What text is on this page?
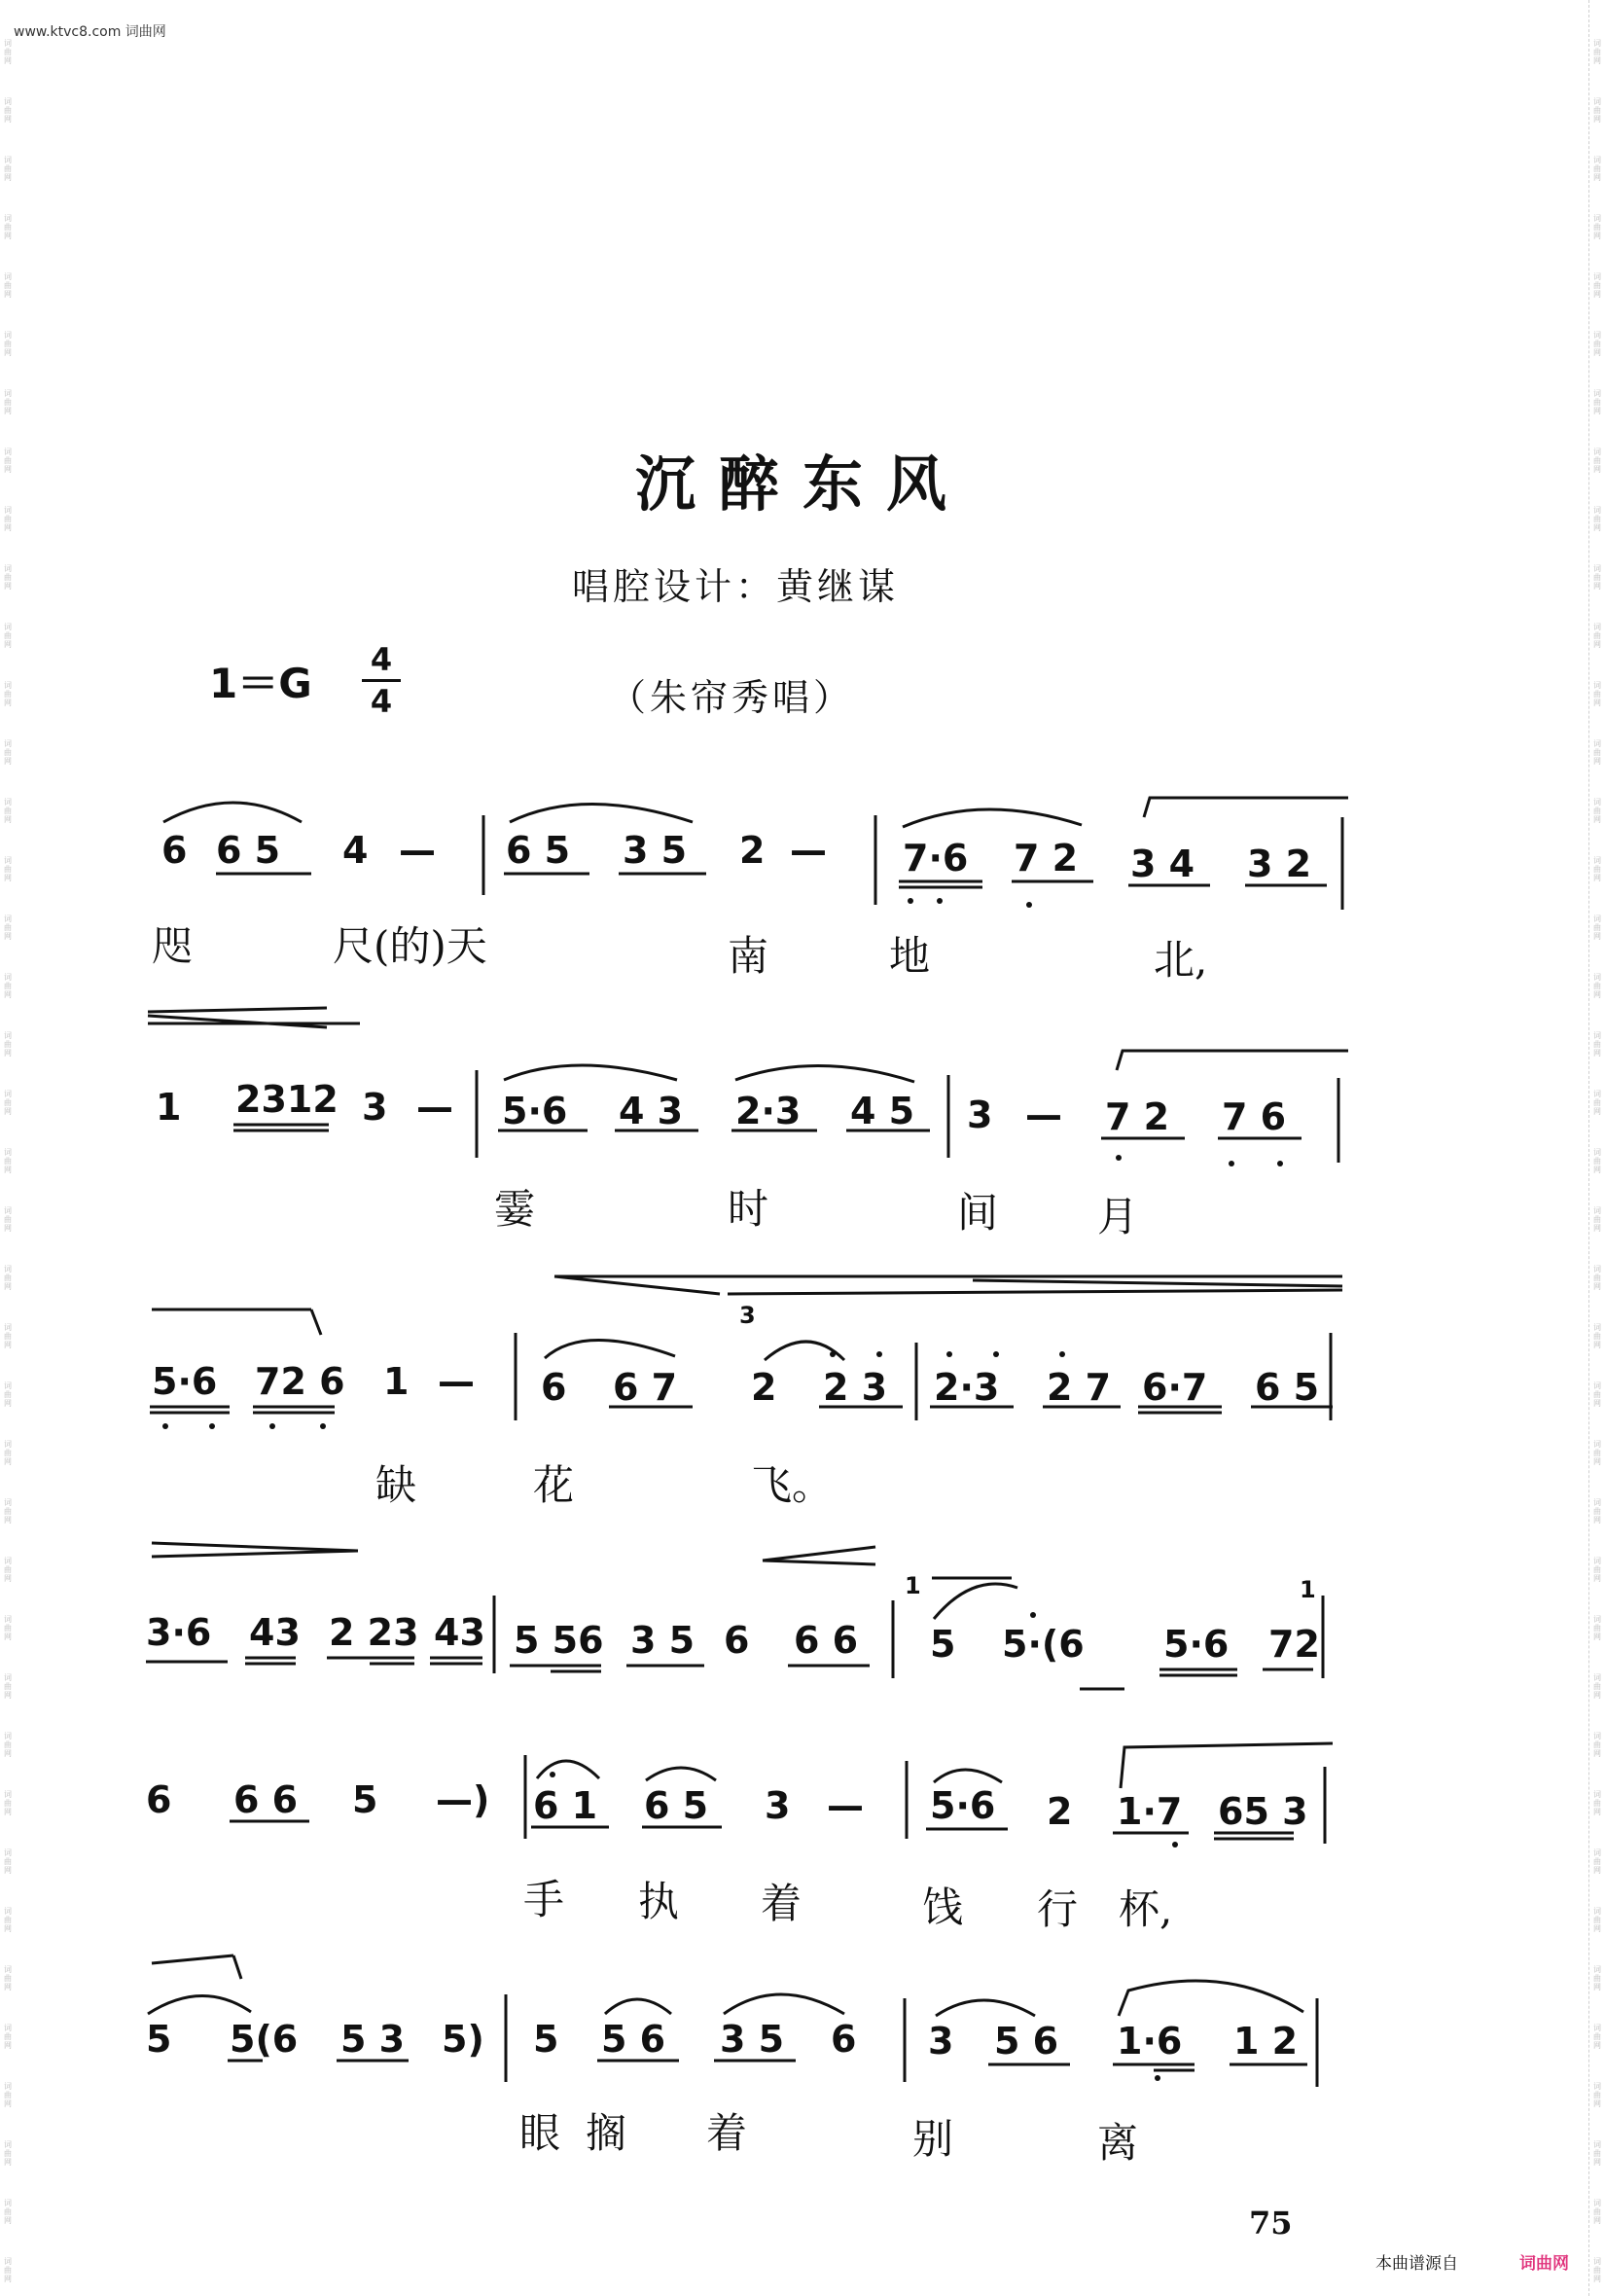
词
曲
网
词
曲
网
词
曲
网
词
曲
网
词
曲
网
词
曲
网
词
曲
网
词
曲
网
词
曲
网
词
曲
网
词
曲
网
词
曲
网
词
曲
网
词
曲
网
词
曲
网
词
曲
网
词
曲
网
词
曲
网
词
曲
网
词
曲
网
词
曲
网
词
曲
网
词
曲
网
词
曲
网
词
曲
网
词
曲
网
词
曲
网
词
曲
网
词
曲
网
词
曲
网
词
曲
网
词
曲
网
词
曲
网
词
曲
网
词
曲
网
词
曲
网
词
曲
网
词
曲
网
词
曲
网
词
曲
网
词
曲
网
词
曲
网
词
曲
网
词
曲
网
词
曲
网
词
曲
网
词
曲
网
词
曲
网
词
曲
网
词
曲
网
词
曲
网
词
曲
网
词
曲
网
词
曲
网
词
曲
网
词
曲
网
词
曲
网
词
曲
网
词
曲
网
词
曲
网
词
曲
网
词
曲
网
词
曲
网
词
曲
网
词
曲
网
词
曲
网
词
曲
网
词
曲
网
词
曲
网
词
曲
网
词
曲
网
词
曲
网
词
曲
网
词
曲
网
词
曲
网
词
曲
网
词
曲
网
词
曲
网
www.ktvc8.com 词曲网
沉醉东风
唱腔设计：黄继谋
1＝G 4
4	（朱帘秀唱）
6 6 5 4 — 6 5 3 5 2 — 7·6 7 2 3 4 3 2
咫	尺(的)天	南	地	北,
1 2312 3 — 5·6 4 3 2·3 4 5 3 — 7 2 7 6
霎	时	间 月
5·6 72 6 1 — 6 6 7
3
2 2 3 2·3 2 7 6·7 6 5
缺	花	飞。
3·6 43 2 23 43 5 56 3 5 6 6 6
1
5 5·(6 5·6 72
1
6 6 6 5 —) 6 1 6 5 3 — 5·6 2 1·7 65 3
手 执 着	饯 行 杯,
5 5(6 5 3 5) 5 5 6 3 5 6 3 5 6 1·6 1 2
眼 搁 着	别	离
75
本曲谱源自	词曲网
